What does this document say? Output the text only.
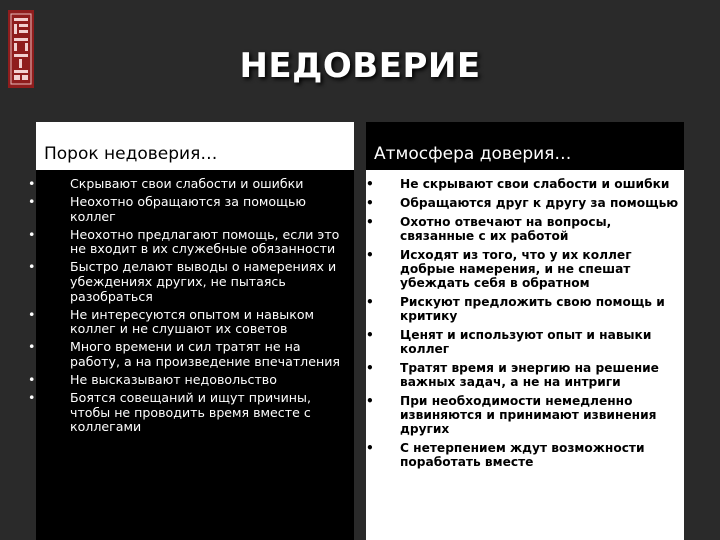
НЕДОВЕРИЕ
Порок недоверия…
•	Скрывают свои слабости и ошибки
•	Неохотно обращаются за помощью коллег
•	Неохотно предлагают помощь, если это не входит в их служебные обязанности
•	Быстро делают выводы о намерениях и убеждениях других, не пытаясь разобраться
•	Не интересуются опытом и навыком коллег и не слушают их советов
•	Много времени и сил тратят не на работу, а на произведение впечатления
•	Не высказывают недовольство
•	Боятся совещаний и ищут причины, чтобы не проводить время вместе с коллегами
Атмосфера доверия…
•	Не скрывают свои слабости и ошибки
•	Обращаются друг к другу за помощью
•	Охотно отвечают на вопросы, связанные с их работой
•	Исходят из того, что у их коллег добрые намерения, и не спешат убеждать себя в обратном
•	Рискуют предложить свою помощь и критику
•	Ценят и используют опыт и навыки коллег
•	Тратят время и энергию на решение важных задач, а не на интриги
•	При необходимости немедленно извиняются и принимают извинения других
•	С нетерпением ждут возможности поработать вместе
